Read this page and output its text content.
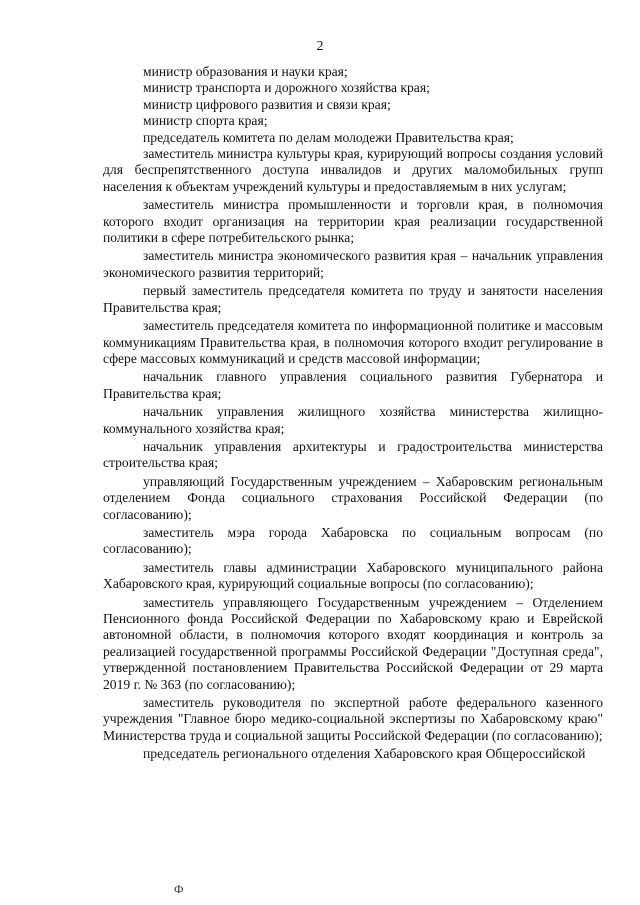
2

министр образования и науки края;

министр транспорта и дорожного хозяйства края;

министр цифрового развития и связи края;

министр спорта края;

председатель комитета по делам молодежи Правительства края;

заместитель министра культуры края, курирующий вопросы создания условий для беспрепятственного доступа инвалидов и других маломобильных групп населения к объектам учреждений культуры и предоставляемым в них услугам;

заместитель министра промышленности и торговли края, в полномочия которого входит организация на территории края реализации государственной политики в сфере потребительского рынка;

заместитель министра экономического развития края – начальник управления экономического развития территорий;

первый заместитель председателя комитета по труду и занятости населения Правительства края;

заместитель председателя комитета по информационной политике и массовым коммуникациям Правительства края, в полномочия которого входит регулирование в сфере массовых коммуникаций и средств массовой информации;

начальник главного управления социального развития Губернатора и Правительства края;

начальник управления жилищного хозяйства министерства жилищно-коммунального хозяйства края;

начальник управления архитектуры и градостроительства министерства строительства края;

управляющий Государственным учреждением – Хабаровским региональным отделением Фонда социального страхования Российской Федерации (по согласованию);

заместитель мэра города Хабаровска по социальным вопросам (по согласованию);

заместитель главы администрации Хабаровского муниципального района Хабаровского края, курирующий социальные вопросы (по согласованию);

заместитель управляющего Государственным учреждением – Отделением Пенсионного фонда Российской Федерации по Хабаровскому краю и Еврейской автономной области, в полномочия которого входят координация и контроль за реализацией государственной программы Российской Федерации "Доступная среда", утвержденной постановлением Правительства Российской Федерации от 29 марта 2019 г. № 363 (по согласованию);

заместитель руководителя по экспертной работе федерального казенного учреждения "Главное бюро медико-социальной экспертизы по Хабаровскому краю" Министерства труда и социальной защиты Российской Федерации (по согласованию);

председатель регионального отделения Хабаровского края Общероссийской

Ф
